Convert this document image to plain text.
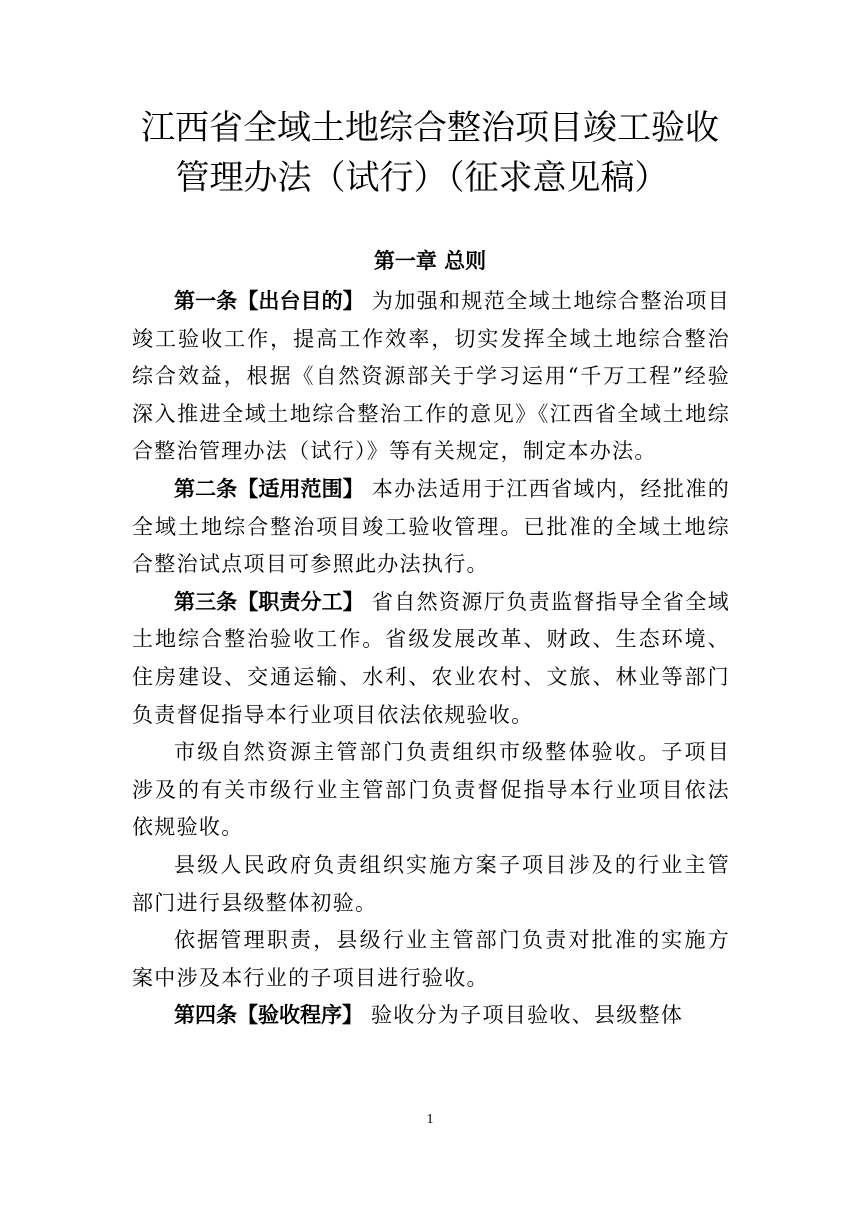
江西省全域土地综合整治项目竣工验收
管理办法（试行）（征求意见稿）
第一章 总则

第一条【出台目的】 为加强和规范全域土地综合整治项目竣工验收工作，提高工作效率，切实发挥全域土地综合整治综合效益，根据《自然资源部关于学习运用“千万工程”经验深入推进全域土地综合整治工作的意见》《江西省全域土地综合整治管理办法（试行）》等有关规定，制定本办法。

第二条【适用范围】 本办法适用于江西省域内，经批准的全域土地综合整治项目竣工验收管理。已批准的全域土地综合整治试点项目可参照此办法执行。

第三条【职责分工】 省自然资源厅负责监督指导全省全域土地综合整治验收工作。省级发展改革、财政、生态环境、住房建设、交通运输、水利、农业农村、文旅、林业等部门负责督促指导本行业项目依法依规验收。

市级自然资源主管部门负责组织市级整体验收。子项目涉及的有关市级行业主管部门负责督促指导本行业项目依法依规验收。

县级人民政府负责组织实施方案子项目涉及的行业主管部门进行县级整体初验。

依据管理职责，县级行业主管部门负责对批准的实施方案中涉及本行业的子项目进行验收。

第四条【验收程序】 验收分为子项目验收、县级整体

1
